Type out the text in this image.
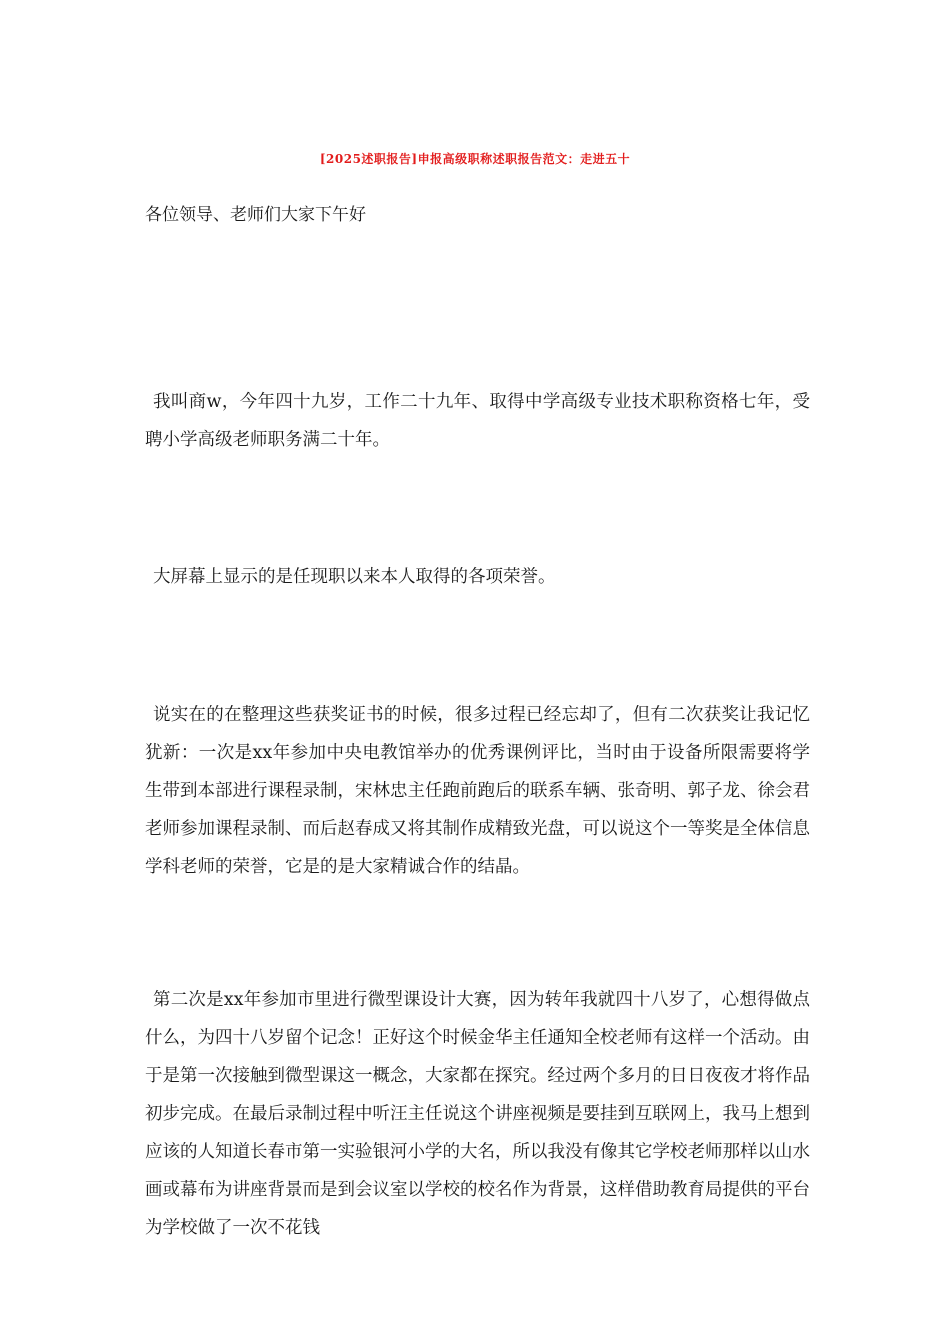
[2025述职报告]申报高级职称述职报告范文：走进五十
各位领导、老师们大家下午好

我叫商w，今年四十九岁，工作二十九年、取得中学高级专业技术职称资格七年，受聘小学高级老师职务满二十年。

大屏幕上显示的是任现职以来本人取得的各项荣誉。

说实在的在整理这些获奖证书的时候，很多过程已经忘却了，但有二次获奖让我记忆犹新：一次是xx年参加中央电教馆举办的优秀课例评比，当时由于设备所限需要将学生带到本部进行课程录制，宋林忠主任跑前跑后的联系车辆、张奇明、郭子龙、徐会君老师参加课程录制、而后赵春成又将其制作成精致光盘，可以说这个一等奖是全体信息学科老师的荣誉，它是的是大家精诚合作的结晶。

第二次是xx年参加市里进行微型课设计大赛，因为转年我就四十八岁了，心想得做点什么，为四十八岁留个记念！正好这个时候金华主任通知全校老师有这样一个活动。由于是第一次接触到微型课这一概念，大家都在探究。经过两个多月的日日夜夜才将作品初步完成。在最后录制过程中听汪主任说这个讲座视频是要挂到互联网上，我马上想到应该的人知道长春市第一实验银河小学的大名，所以我没有像其它学校老师那样以山水画或幕布为讲座背景而是到会议室以学校的校名作为背景，这样借助教育局提供的平台为学校做了一次不花钱
